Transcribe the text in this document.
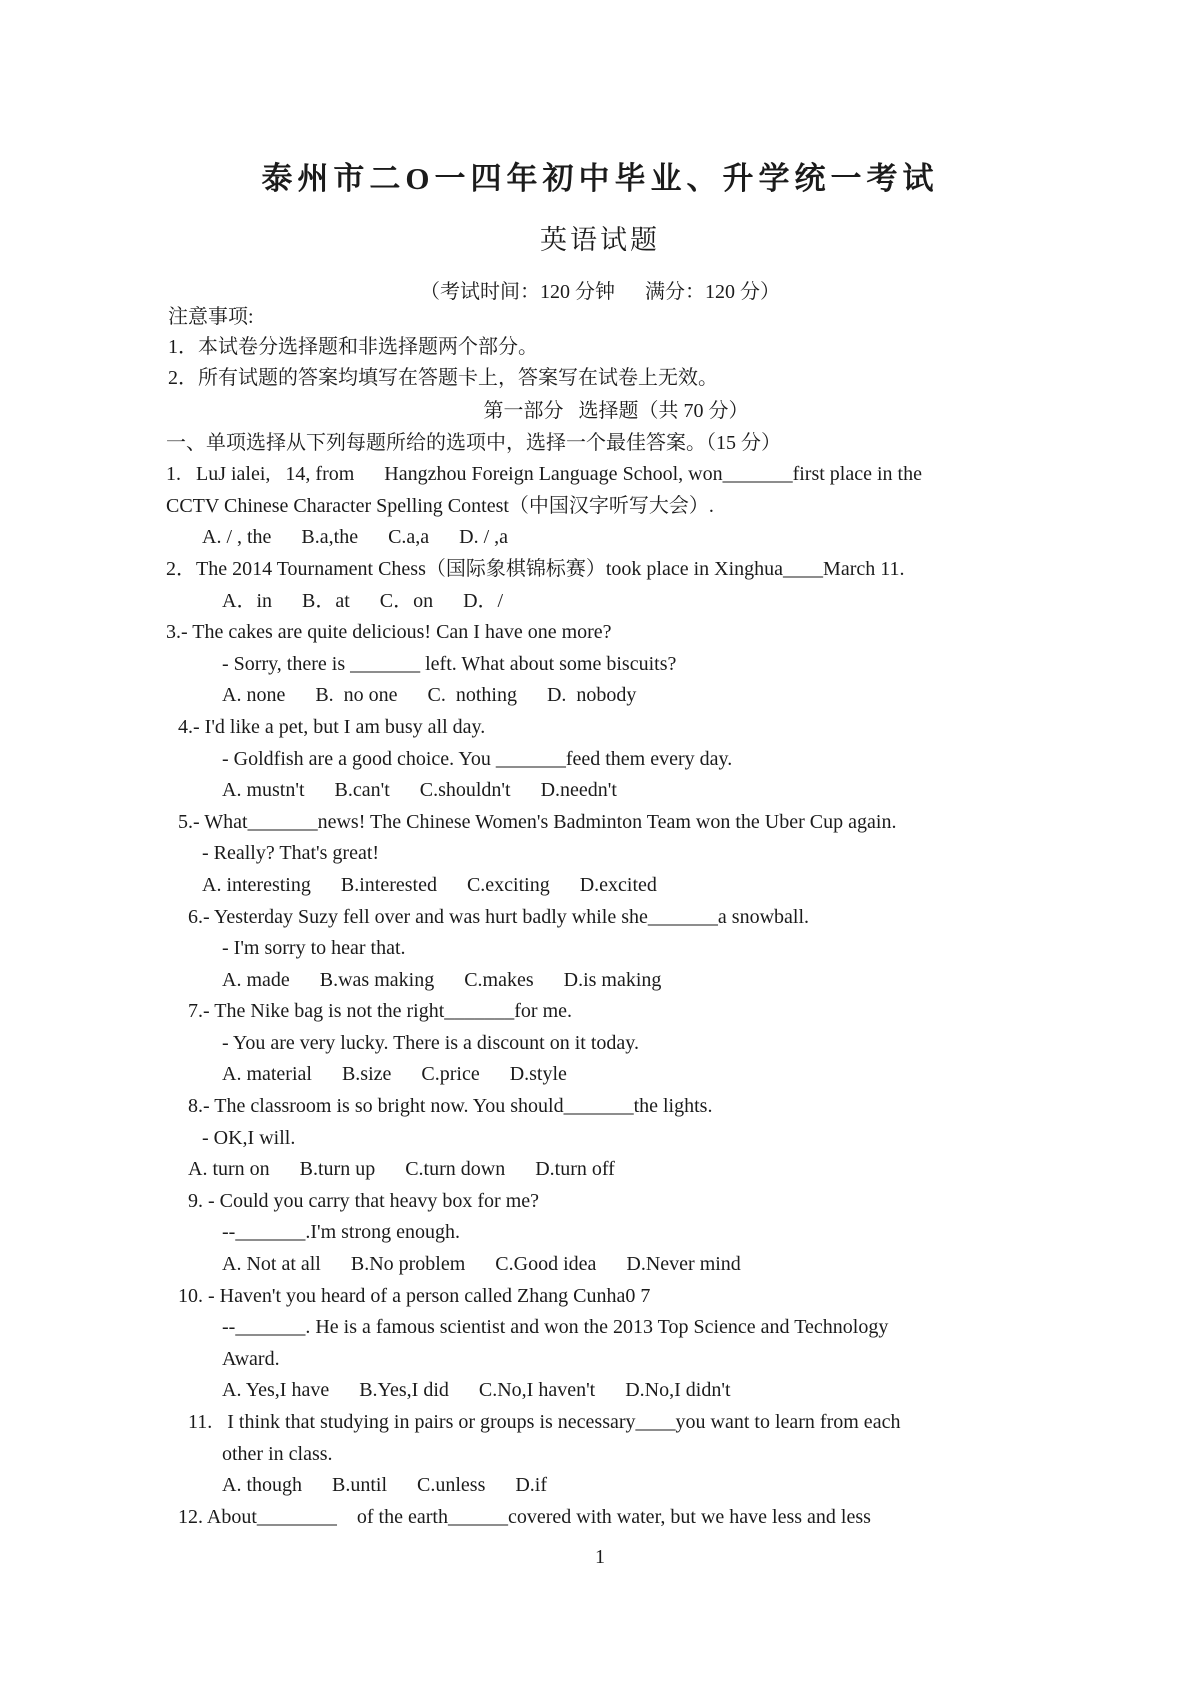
泰州市二O一四年初中毕业、升学统一考试
英语试题
（考试时间：120 分钟      满分：120 分）
注意事项:
1．本试卷分选择题和非选择题两个部分。
2．所有试题的答案均填写在答题卡上，答案写在试卷上无效。
第一部分   选择题（共 70 分）
一、单项选择从下列每题所给的选项中，选择一个最佳答案。（15 分）
1.   LuJ ialei,   14, from      Hangzhou Foreign Language School, won_______first place in the
CCTV Chinese Character Spelling Contest（中国汉字听写大会）.
A. / , the      B.a,the      C.a,a      D. / ,a
2．The 2014 Tournament Chess（国际象棋锦标赛）took place in Xinghua____March 11.
A．in      B．at      C．on      D．/
3.- The cakes are quite delicious! Can I have one more?
- Sorry, there is _______ left. What about some biscuits?
A. none      B.  no one      C.  nothing      D.  nobody
4.- I'd like a pet, but I am busy all day.
- Goldfish are a good choice. You _______feed them every day.
A. mustn't      B.can't      C.shouldn't      D.needn't
5.- What_______news! The Chinese Women's Badminton Team won the Uber Cup again.
- Really? That's great!
A. interesting      B.interested      C.exciting      D.excited
6.- Yesterday Suzy fell over and was hurt badly while she_______a snowball.
- I'm sorry to hear that.
A. made      B.was making      C.makes      D.is making
7.- The Nike bag is not the right_______for me.
- You are very lucky. There is a discount on it today.
A. material      B.size      C.price      D.style
8.- The classroom is so bright now. You should_______the lights.
- OK,I will.
A. turn on      B.turn up      C.turn down      D.turn off
9. - Could you carry that heavy box for me?
--_______.I'm strong enough.
A. Not at all      B.No problem      C.Good idea      D.Never mind
10. - Haven't you heard of a person called Zhang Cunha0 7
--_______. He is a famous scientist and won the 2013 Top Science and Technology
Award.
A. Yes,I have      B.Yes,I did      C.No,I haven't      D.No,I didn't
11.   I think that studying in pairs or groups is necessary____you want to learn from each
other in class.
A. though      B.until      C.unless      D.if
12. About________    of the earth______covered with water, but we have less and less
1
